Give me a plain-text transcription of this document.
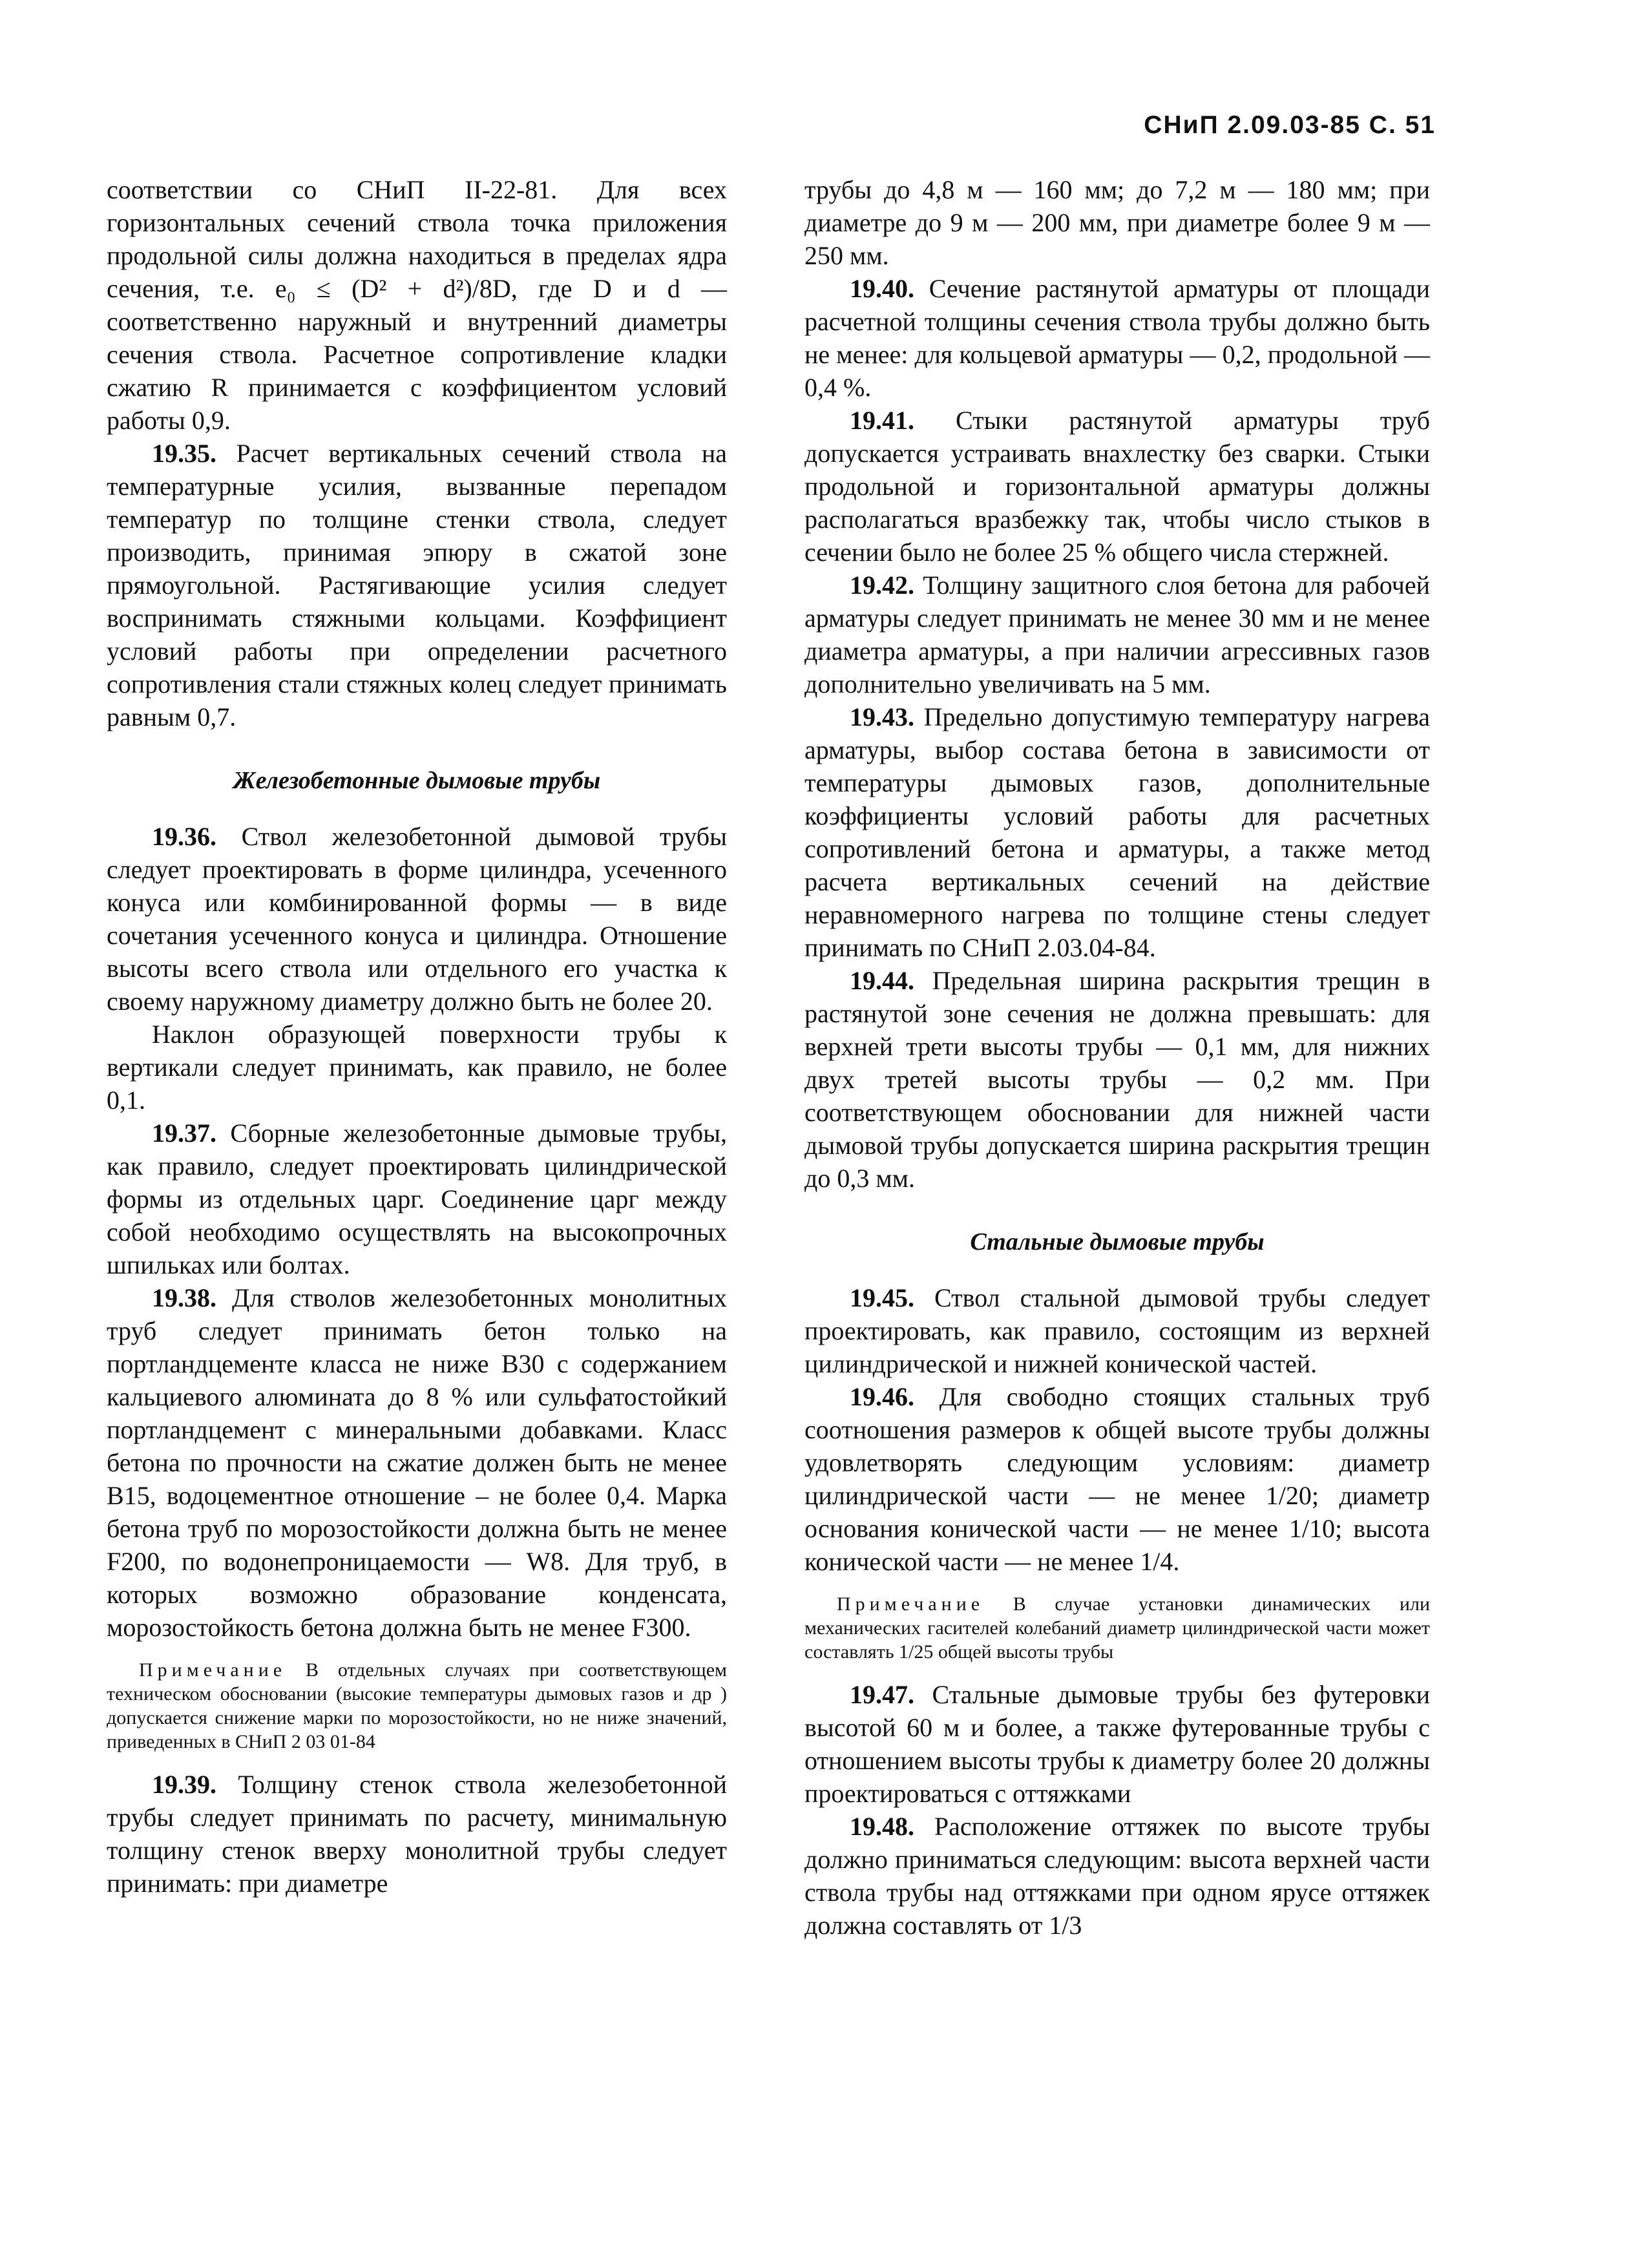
СНиП 2.09.03-85 С. 51

соответствии со СНиП II-22-81. Для всех горизонтальных сечений ствола точка приложения продольной силы должна находиться в пределах ядра сечения, т.е. e₀ ≤ (D² + d²)/8D, где D и d — соответственно наружный и внутренний диаметры сечения ствола. Расчетное сопротивление кладки сжатию R принимается с коэффициентом условий работы 0,9.

19.35. Расчет вертикальных сечений ствола на температурные усилия, вызванные перепадом температур по толщине стенки ствола, следует производить, принимая эпюру в сжатой зоне прямоугольной. Растягивающие усилия следует воспринимать стяжными кольцами. Коэффициент условий работы при определении расчетного сопротивления стали стяжных колец следует принимать равным 0,7.

Железобетонные дымовые трубы

19.36. Ствол железобетонной дымовой трубы следует проектировать в форме цилиндра, усеченного конуса или комбинированной формы — в виде сочетания усеченного конуса и цилиндра. Отношение высоты всего ствола или отдельного его участка к своему наружному диаметру должно быть не более 20.

Наклон образующей поверхности трубы к вертикали следует принимать, как правило, не более 0,1.

19.37. Сборные железобетонные дымовые трубы, как правило, следует проектировать цилиндрической формы из отдельных царг. Соединение царг между собой необходимо осуществлять на высокопрочных шпильках или болтах.

19.38. Для стволов железобетонных монолитных труб следует принимать бетон только на портландцементе класса не ниже В30 с содержанием кальциевого алюмината до 8 % или сульфатостойкий портландцемент с минеральными добавками. Класс бетона по прочности на сжатие должен быть не менее В15, водоцементное отношение – не более 0,4. Марка бетона труб по морозостойкости должна быть не менее F200, по водонепроницаемости — W8. Для труб, в которых возможно образование конденсата, морозостойкость бетона должна быть не менее F300.

Примечание В отдельных случаях при соответствующем техническом обосновании (высокие температуры дымовых газов и др ) допускается снижение марки по морозостойкости, но не ниже значений, приведенных в СНиП 2 03 01-84

19.39. Толщину стенок ствола железобетонной трубы следует принимать по расчету, минимальную толщину стенок вверху монолитной трубы следует принимать: при диаметре

трубы до 4,8 м — 160 мм; до 7,2 м — 180 мм; при диаметре до 9 м — 200 мм, при диаметре более 9 м — 250 мм.

19.40. Сечение растянутой арматуры от площади расчетной толщины сечения ствола трубы должно быть не менее: для кольцевой арматуры — 0,2, продольной — 0,4 %.

19.41. Стыки растянутой арматуры труб допускается устраивать внахлестку без сварки. Стыки продольной и горизонтальной арматуры должны располагаться вразбежку так, чтобы число стыков в сечении было не более 25 % общего числа стержней.

19.42. Толщину защитного слоя бетона для рабочей арматуры следует принимать не менее 30 мм и не менее диаметра арматуры, а при наличии агрессивных газов дополнительно увеличивать на 5 мм.

19.43. Предельно допустимую температуру нагрева арматуры, выбор состава бетона в зависимости от температуры дымовых газов, дополнительные коэффициенты условий работы для расчетных сопротивлений бетона и арматуры, а также метод расчета вертикальных сечений на действие неравномерного нагрева по толщине стены следует принимать по СНиП 2.03.04-84.

19.44. Предельная ширина раскрытия трещин в растянутой зоне сечения не должна превышать: для верхней трети высоты трубы — 0,1 мм, для нижних двух третей высоты трубы — 0,2 мм. При соответствующем обосновании для нижней части дымовой трубы допускается ширина раскрытия трещин до 0,3 мм.

Стальные дымовые трубы

19.45. Ствол стальной дымовой трубы следует проектировать, как правило, состоящим из верхней цилиндрической и нижней конической частей.

19.46. Для свободно стоящих стальных труб соотношения размеров к общей высоте трубы должны удовлетворять следующим условиям: диаметр цилиндрической части — не менее 1/20; диаметр основания конической части — не менее 1/10; высота конической части — не менее 1/4.

Примечание В случае установки динамических или механических гасителей колебаний диаметр цилиндрической части может составлять 1/25 общей высоты трубы

19.47. Стальные дымовые трубы без футеровки высотой 60 м и более, а также футерованные трубы с отношением высоты трубы к диаметру более 20 должны проектироваться с оттяжками

19.48. Расположение оттяжек по высоте трубы должно приниматься следующим: высота верхней части ствола трубы над оттяжками при одном ярусе оттяжек должна составлять от 1/3
